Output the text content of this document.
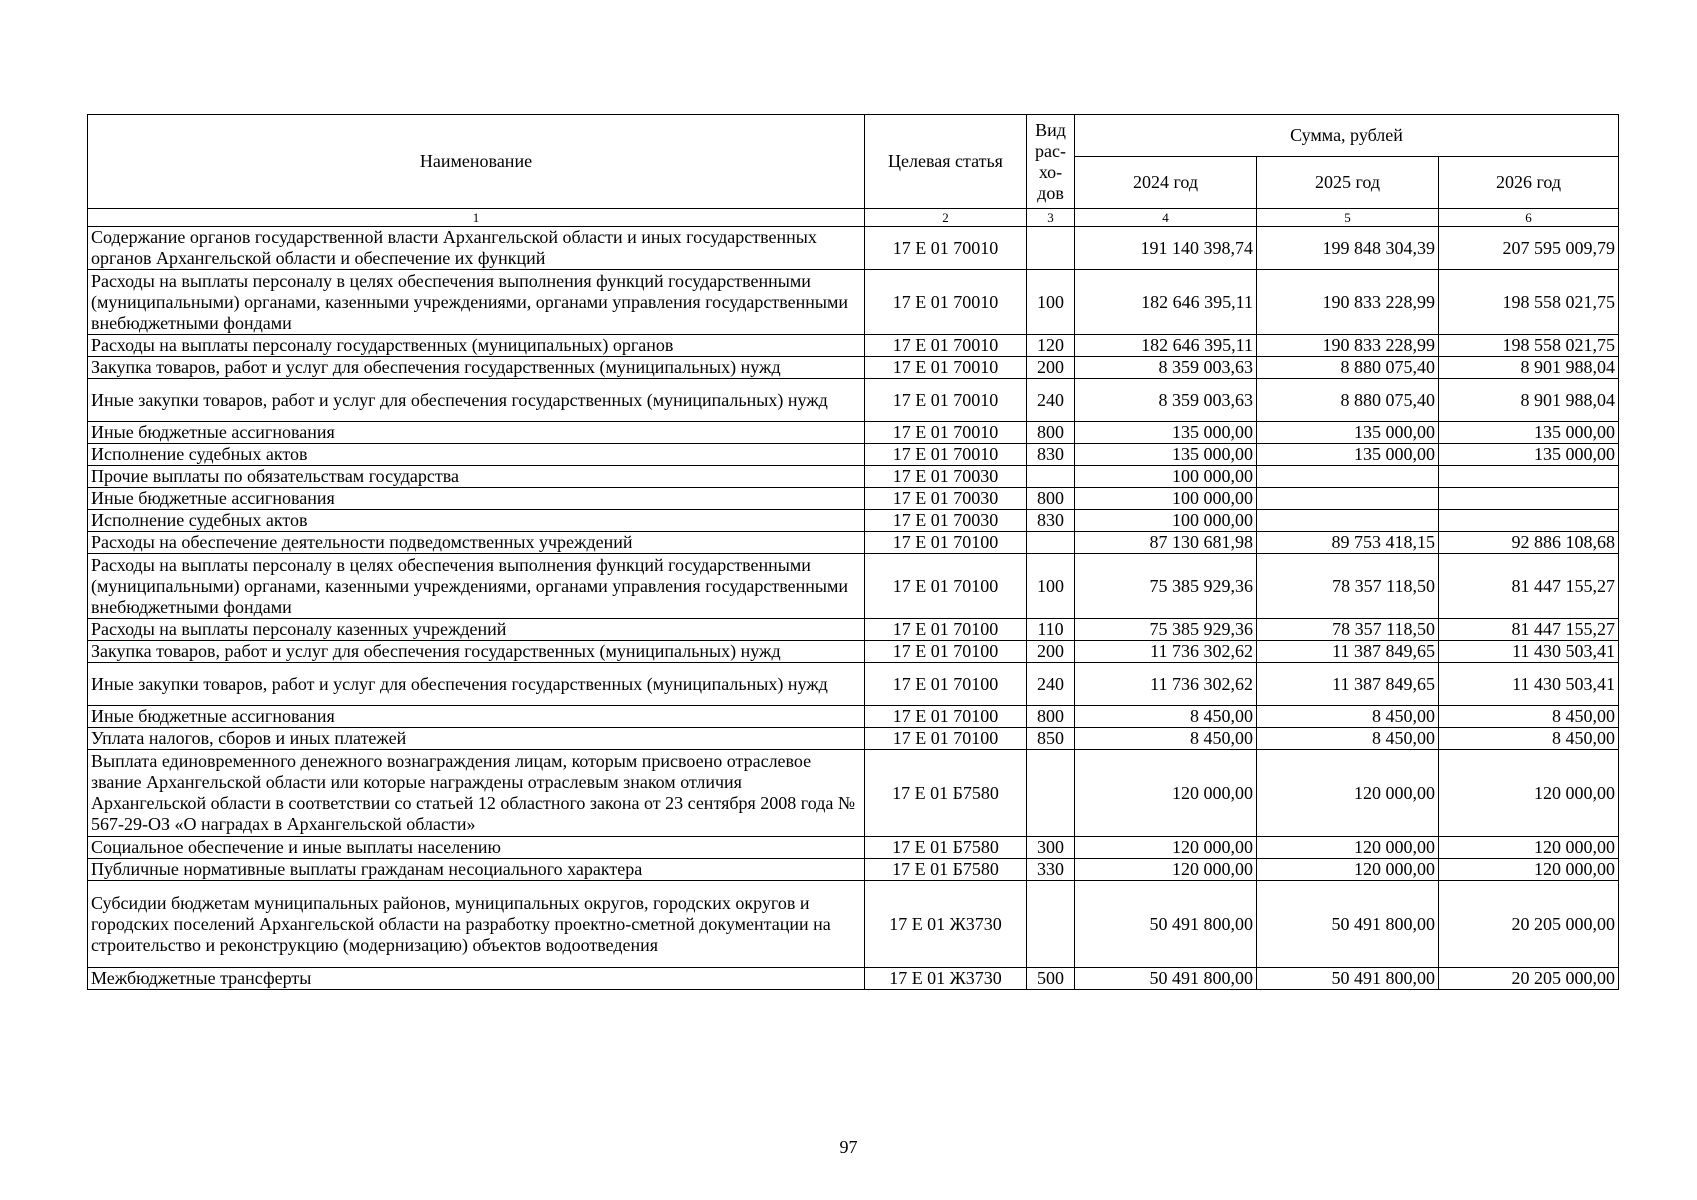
Наименование	Целевая статья	Вид рас-хо-дов	Сумма, рублей		
			2024 год	2025 год	2026 год
1	2	3	4	5	6
Содержание органов государственной власти Архангельской области и иных государственных органов Архангельской области и обеспечение их функций	17 Е 01 70010		191 140 398,74	199 848 304,39	207 595 009,79
Расходы на выплаты персоналу в целях обеспечения выполнения функций государственными (муниципальными) органами, казенными учреждениями, органами управления государственными внебюджетными фондами	17 Е 01 70010	100	182 646 395,11	190 833 228,99	198 558 021,75
Расходы на выплаты персоналу государственных (муниципальных) органов	17 Е 01 70010	120	182 646 395,11	190 833 228,99	198 558 021,75
Закупка товаров, работ и услуг для обеспечения государственных (муниципальных) нужд	17 Е 01 70010	200	8 359 003,63	8 880 075,40	8 901 988,04
Иные закупки товаров, работ и услуг для обеспечения государственных (муниципальных) нужд	17 Е 01 70010	240	8 359 003,63	8 880 075,40	8 901 988,04
Иные бюджетные ассигнования	17 Е 01 70010	800	135 000,00	135 000,00	135 000,00
Исполнение судебных актов	17 Е 01 70010	830	135 000,00	135 000,00	135 000,00
Прочие выплаты по обязательствам государства	17 Е 01 70030		100 000,00		
Иные бюджетные ассигнования	17 Е 01 70030	800	100 000,00		
Исполнение судебных актов	17 Е 01 70030	830	100 000,00		
Расходы на обеспечение деятельности подведомственных учреждений	17 Е 01 70100		87 130 681,98	89 753 418,15	92 886 108,68
Расходы на выплаты персоналу в целях обеспечения выполнения функций государственными (муниципальными) органами, казенными учреждениями, органами управления государственными внебюджетными фондами	17 Е 01 70100	100	75 385 929,36	78 357 118,50	81 447 155,27
Расходы на выплаты персоналу казенных учреждений	17 Е 01 70100	110	75 385 929,36	78 357 118,50	81 447 155,27
Закупка товаров, работ и услуг для обеспечения государственных (муниципальных) нужд	17 Е 01 70100	200	11 736 302,62	11 387 849,65	11 430 503,41
Иные закупки товаров, работ и услуг для обеспечения государственных (муниципальных) нужд	17 Е 01 70100	240	11 736 302,62	11 387 849,65	11 430 503,41
Иные бюджетные ассигнования	17 Е 01 70100	800	8 450,00	8 450,00	8 450,00
Уплата налогов, сборов и иных платежей	17 Е 01 70100	850	8 450,00	8 450,00	8 450,00
Выплата единовременного денежного вознаграждения лицам, которым присвоено отраслевое звание Архангельской области или которые награждены отраслевым знаком отличия Архангельской области в соответствии со статьей 12 областного закона от 23 сентября 2008 года № 567-29-ОЗ «О наградах в Архангельской области»	17 Е 01 Б7580		120 000,00	120 000,00	120 000,00
Социальное обеспечение и иные выплаты населению	17 Е 01 Б7580	300	120 000,00	120 000,00	120 000,00
Публичные нормативные выплаты гражданам несоциального характера	17 Е 01 Б7580	330	120 000,00	120 000,00	120 000,00
Субсидии бюджетам муниципальных районов, муниципальных округов, городских округов и городских поселений Архангельской области на разработку проектно-сметной документации на строительство и реконструкцию (модернизацию) объектов водоотведения	17 Е 01 Ж3730		50 491 800,00	50 491 800,00	20 205 000,00
Межбюджетные трансферты	17 Е 01 Ж3730	500	50 491 800,00	50 491 800,00	20 205 000,00
97
